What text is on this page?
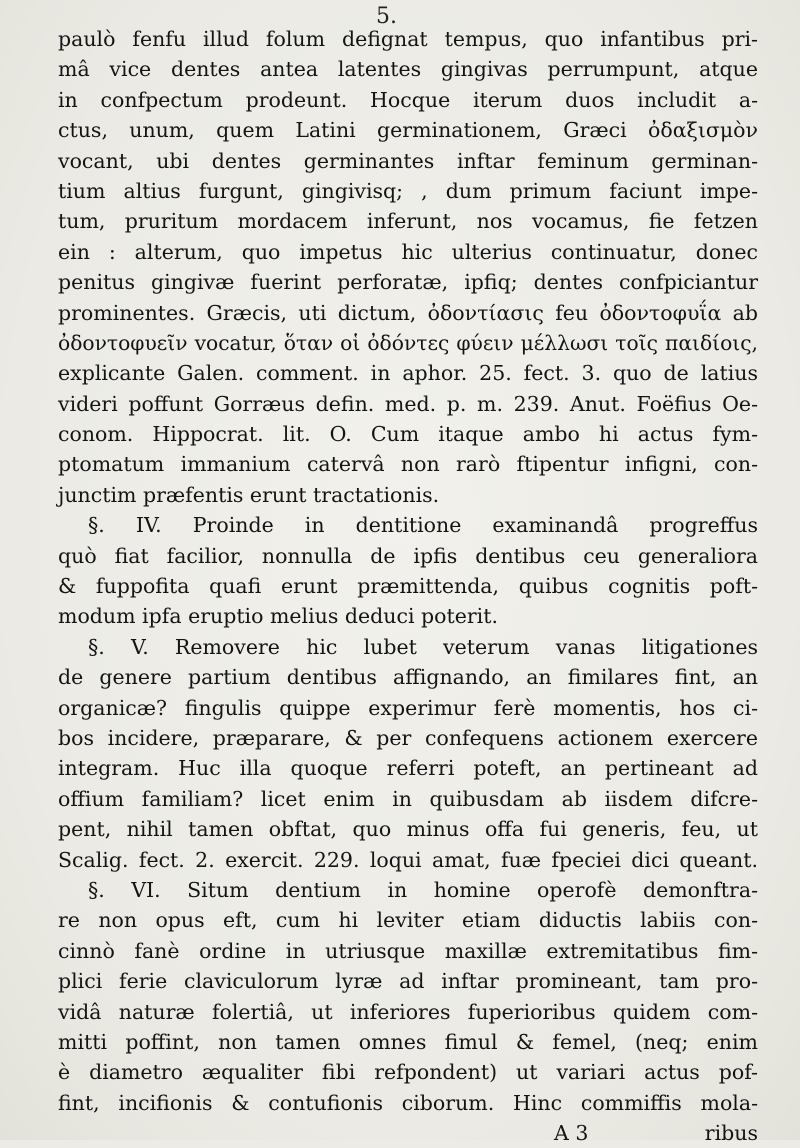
5.
paulò fenfu illud folum defignat tempus, quo infantibus pri-
mâ vice dentes antea latentes gingivas perrumpunt, atque
in confpectum prodeunt. Hocque iterum duos includit a-
ctus, unum, quem Latini germinationem, Græci ὀδαξισμὸν
vocant, ubi dentes germinantes inftar feminum germinan-
tium altius furgunt, gingivisq; , dum primum faciunt impe-
tum, pruritum mordacem inferunt, nos vocamus, fie fetzen
ein : alterum, quo impetus hic ulterius continuatur, donec
penitus gingivæ fuerint perforatæ, ipfiq; dentes confpiciantur
prominentes. Græcis, uti dictum, ὀδοντίασις feu ὀδοντοφυΐα ab
ὀδοντοφυεῖν vocatur, ὅταν οἱ ὀδόντες φύειν μέλλωσι τοῖς παιδίοις,
explicante Galen. comment. in aphor. 25. fect. 3. quo de latius
videri poffunt Gorræus defin. med. p. m. 239. Anut. Foëfius Oe-
conom. Hippocrat. lit. O. Cum itaque ambo hi actus fym-
ptomatum immanium catervâ non rarò ftipentur infigni, con-
junctim præfentis erunt tractationis.
§. IV. Proinde in dentitione examinandâ progreffus
quò fiat facilior, nonnulla de ipfis dentibus ceu generaliora
& fuppofita quafi erunt præmittenda, quibus cognitis poft-
modum ipfa eruptio melius deduci poterit.
§. V. Removere hic lubet veterum vanas litigationes
de genere partium dentibus affignando, an fimilares fint, an
organicæ? fingulis quippe experimur ferè momentis, hos ci-
bos incidere, præparare, & per confequens actionem exercere
integram. Huc illa quoque referri poteft, an pertineant ad
offium familiam? licet enim in quibusdam ab iisdem difcre-
pent, nihil tamen obftat, quo minus offa fui generis, feu, ut
Scalig. fect. 2. exercit. 229. loqui amat, fuæ fpeciei dici queant.
§. VI. Situm dentium in homine operofè demonftra-
re non opus eft, cum hi leviter etiam diductis labiis con-
cinnò fanè ordine in utriusque maxillæ extremitatibus fim-
plici ferie claviculorum lyræ ad inftar promineant, tam pro-
vidâ naturæ folertiâ, ut inferiores fuperioribus quidem com-
mitti poffint, non tamen omnes fimul & femel, (neq; enim
è diametro æqualiter fibi refpondent) ut variari actus pof-
fint, incifionis & contufionis ciborum. Hinc commiffis mola-
A 3	ribus
